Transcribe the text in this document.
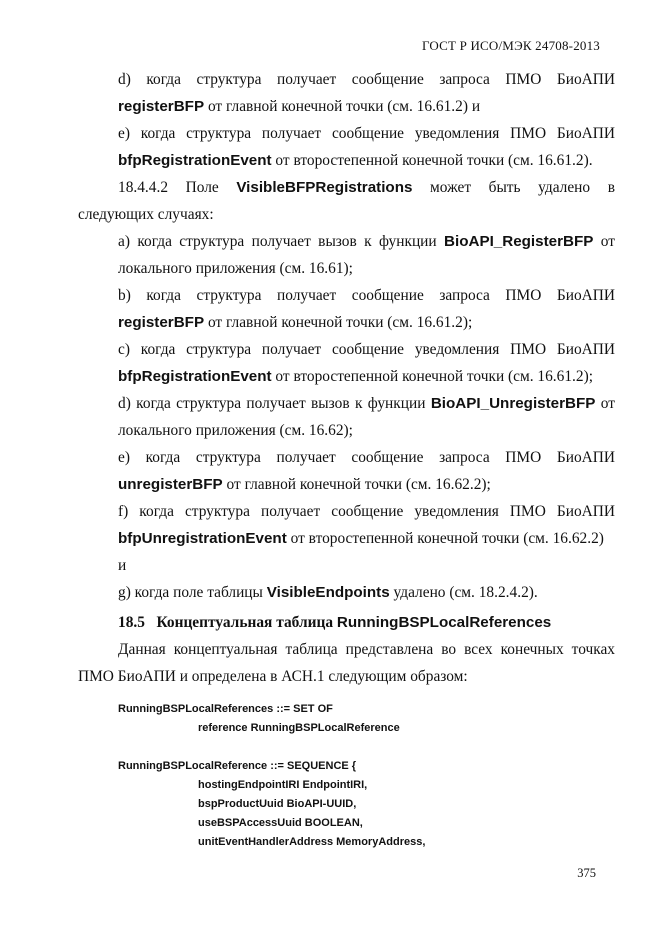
ГОСТ Р ИСО/МЭК 24708-2013
d) когда структура получает сообщение запроса ПМО БиоАПИ
registerBFP от главной конечной точки (см. 16.61.2) и
e) когда структура получает сообщение уведомления ПМО БиоАПИ
bfpRegistrationEvent от второстепенной конечной точки (см. 16.61.2).
18.4.4.2 Поле VisibleBFPRegistrations может быть удалено в
следующих случаях:
a) когда структура получает вызов к функции BioAPI_RegisterBFP от
локального приложения (см. 16.61);
b) когда структура получает сообщение запроса ПМО БиоАПИ
registerBFP от главной конечной точки (см. 16.61.2);
c) когда структура получает сообщение уведомления ПМО БиоАПИ
bfpRegistrationEvent от второстепенной конечной точки (см. 16.61.2);
d) когда структура получает вызов к функции BioAPI_UnregisterBFP от
локального приложения (см. 16.62);
e) когда структура получает сообщение запроса ПМО БиоАПИ
unregisterBFP от главной конечной точки (см. 16.62.2);
f) когда структура получает сообщение уведомления ПМО БиоАПИ
bfpUnregistrationEvent от второстепенной конечной точки (см. 16.62.2)
и
g) когда поле таблицы VisibleEndpoints удалено (см. 18.2.4.2).
18.5 Концептуальная таблица RunningBSPLocalReferences
Данная концептуальная таблица представлена во всех конечных точках
ПМО БиоАПИ и определена в АСН.1 следующим образом:
RunningBSPLocalReferences ::= SET OF
reference RunningBSPLocalReference
RunningBSPLocalReference ::= SEQUENCE {
hostingEndpointIRI EndpointIRI,
bspProductUuid BioAPI-UUID,
useBSPAccessUuid BOOLEAN,
unitEventHandlerAddress MemoryAddress,
375
